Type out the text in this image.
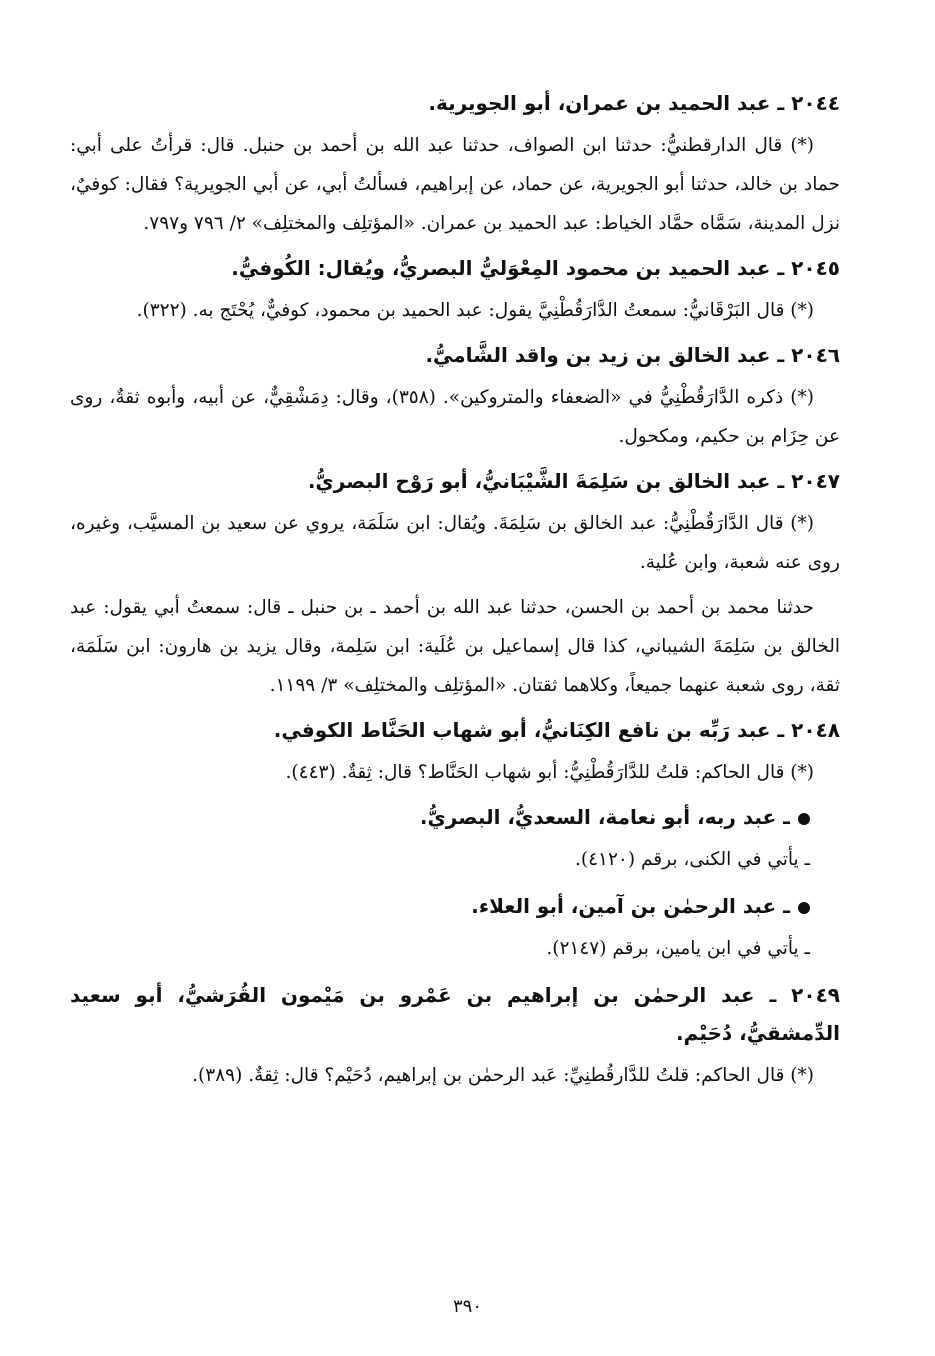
٢٠٤٤ ـ عبد الحميد بن عمران، أبو الجويرية.

(*) قال الدارقطنيُّ: حدثنا ابن الصواف، حدثنا عبد الله بن أحمد بن حنبل. قال: قرأتُ على أبي: حماد بن خالد، حدثنا أبو الجويرية، عن حماد، عن إبراهيم، فسألتُ أبي، عن أبي الجويرية؟ فقال: كوفيٌ، نزل المدينة، سَمَّاه حمَّاد الخياط: عبد الحميد بن عمران. «المؤتلِف والمختلِف» ٢/ ٧٩٦ و٧٩٧.

٢٠٤٥ ـ عبد الحميد بن محمود المِعْوَليُّ البصريُّ، ويُقال: الكُوفيُّ.

(*) قال البَرْقَانيُّ: سمعتُ الدَّارَقُطْنِيَّ يقول: عبد الحميد بن محمود، كوفيٌّ، يُحْتَج به. (٣٢٢).

٢٠٤٦ ـ عبد الخالق بن زيد بن واقد الشَّاميُّ.

(*) ذكره الدَّارَقُطْنِيُّ في «الضعفاء والمتروكين». (٣٥٨)، وقال: دِمَشْقِيٌّ، عن أبيه، وأبوه ثقةٌ، روى عن حِزَام بن حكيم، ومكحول.

٢٠٤٧ ـ عبد الخالق بن سَلِمَةَ الشَّيْبَانيُّ، أبو رَوْح البصريُّ.

(*) قال الدَّارَقُطْنِيُّ: عبد الخالق بن سَلِمَةَ. ويُقال: ابن سَلَمَة، يروي عن سعيد بن المسيَّب، وغيره، روى عنه شعبة، وابن عُلية.

حدثنا محمد بن أحمد بن الحسن، حدثنا عبد الله بن أحمد ـ بن حنبل ـ قال: سمعتُ أبي يقول: عبد الخالق بن سَلِمَةَ الشيباني، كذا قال إسماعيل بن عُلَية: ابن سَلِمة، وقال يزيد بن هارون: ابن سَلَمَة، ثقة، روى شعبة عنهما جميعاً، وكلاهما ثقتان. «المؤتلِف والمختلِف» ٣/ ١١٩٩.

٢٠٤٨ ـ عبد رَبِّه بن نافع الكِنَانيُّ، أبو شهاب الحَنَّاط الكوفي.

(*) قال الحاكم: قلتُ للدَّارَقُطْنِيُّ: أبو شهاب الحَنَّاط؟ قال: ثِقةٌ. (٤٤٣).

ـ عبد ربه، أبو نعامة، السعديُّ، البصريُّ.
ـ يأتي في الكنى، برقم (٤١٢٠).
ـ عبد الرحمٰن بن آمين، أبو العلاء.
ـ يأتي في ابن يامين، برقم (٢١٤٧).
٢٠٤٩ ـ عبد الرحمٰن بن إبراهيم بن عَمْرو بن مَيْمون القُرَشيُّ، أبو سعيد الدِّمشقيُّ، دُحَيْم.

(*) قال الحاكم: قلتُ للدَّارقُطنِيِّ: عَبد الرحمٰن بن إبراهيم، دُحَيْم؟ قال: ثِقةٌ. (٣٨٩).

٣٩٠
